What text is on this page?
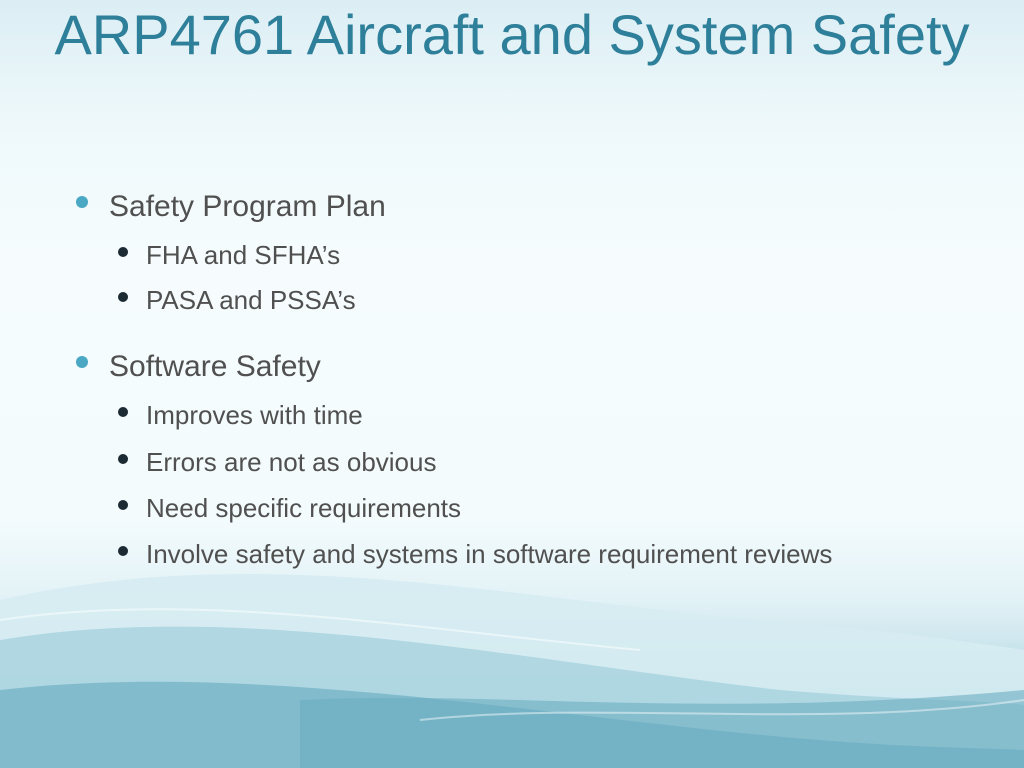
ARP4761 Aircraft and System Safety
Safety Program Plan
FHA and SFHA’s
PASA and PSSA’s
Software Safety
Improves with time
Errors are not as obvious
Need specific requirements
Involve safety and systems in software requirement reviews
